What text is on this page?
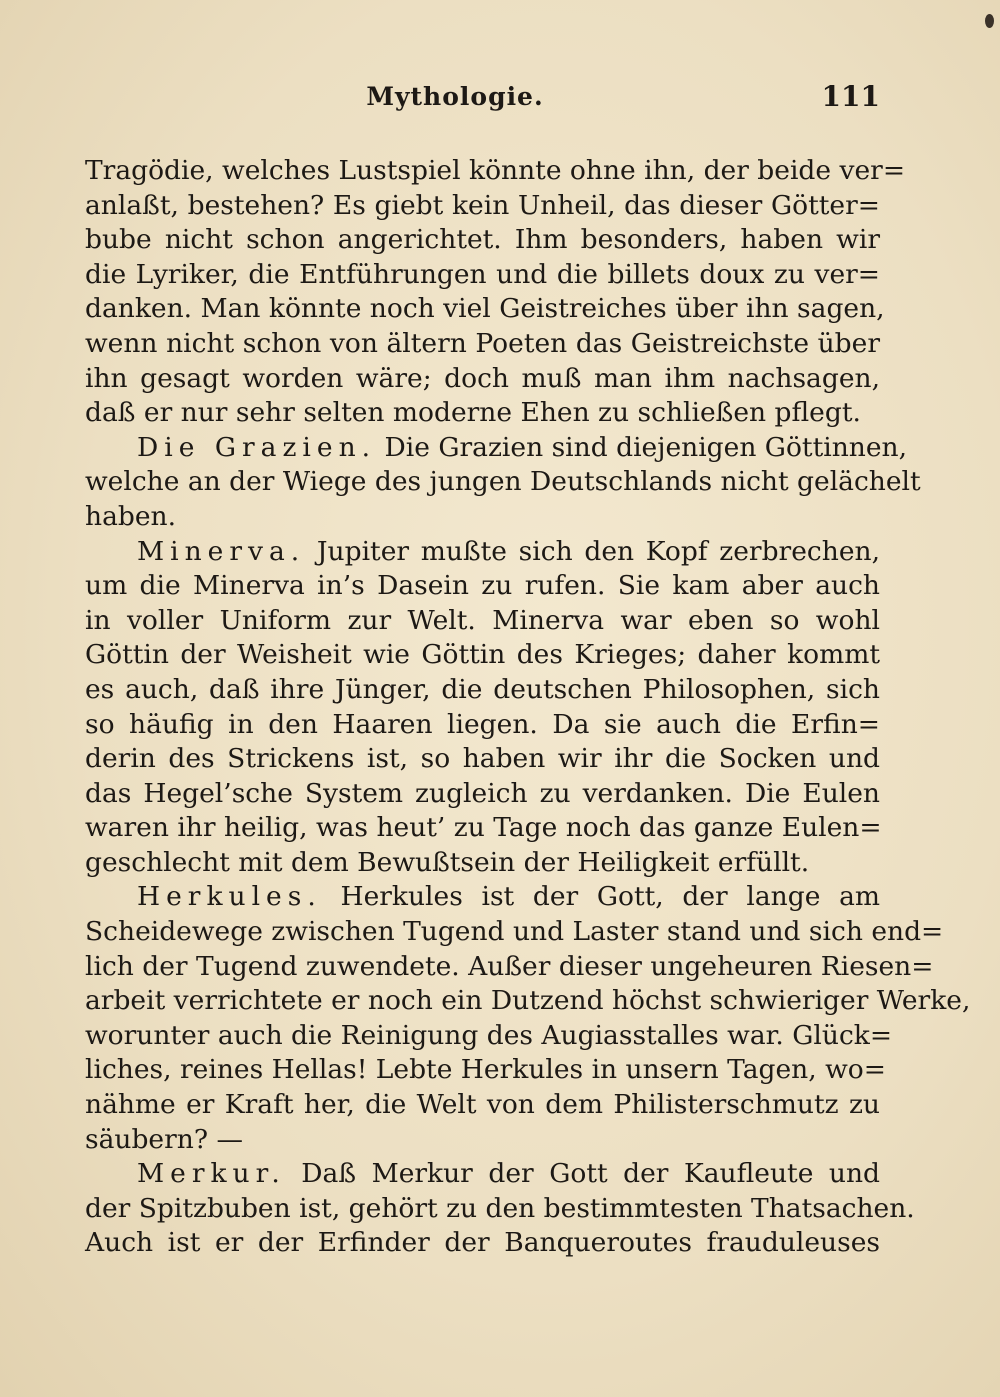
Mythologie.	111
Tragödie, welches Lustspiel könnte ohne ihn, der beide ver=
anlaßt, bestehen? Es giebt kein Unheil, das dieser Götter=
bube nicht schon angerichtet. Ihm besonders, haben wir
die Lyriker, die Entführungen und die billets doux zu ver=
danken. Man könnte noch viel Geistreiches über ihn sagen,
wenn nicht schon von ältern Poeten das Geistreichste über
ihn gesagt worden wäre; doch muß man ihm nachsagen,
daß er nur sehr selten moderne Ehen zu schließen pflegt.
Die Grazien. Die Grazien sind diejenigen Göttinnen,
welche an der Wiege des jungen Deutschlands nicht gelächelt
haben.
Minerva. Jupiter mußte sich den Kopf zerbrechen,
um die Minerva in’s Dasein zu rufen. Sie kam aber auch
in voller Uniform zur Welt. Minerva war eben so wohl
Göttin der Weisheit wie Göttin des Krieges; daher kommt
es auch, daß ihre Jünger, die deutschen Philosophen, sich
so häufig in den Haaren liegen. Da sie auch die Erfin=
derin des Strickens ist, so haben wir ihr die Socken und
das Hegel’sche System zugleich zu verdanken. Die Eulen
waren ihr heilig, was heut’ zu Tage noch das ganze Eulen=
geschlecht mit dem Bewußtsein der Heiligkeit erfüllt.
Herkules. Herkules ist der Gott, der lange am
Scheidewege zwischen Tugend und Laster stand und sich end=
lich der Tugend zuwendete. Außer dieser ungeheuren Riesen=
arbeit verrichtete er noch ein Dutzend höchst schwieriger Werke,
worunter auch die Reinigung des Augiasstalles war. Glück=
liches, reines Hellas! Lebte Herkules in unsern Tagen, wo=
nähme er Kraft her, die Welt von dem Philisterschmutz zu
säubern? —
Merkur. Daß Merkur der Gott der Kaufleute und
der Spitzbuben ist, gehört zu den bestimmtesten Thatsachen.
Auch ist er der Erfinder der Banqueroutes frauduleuses
